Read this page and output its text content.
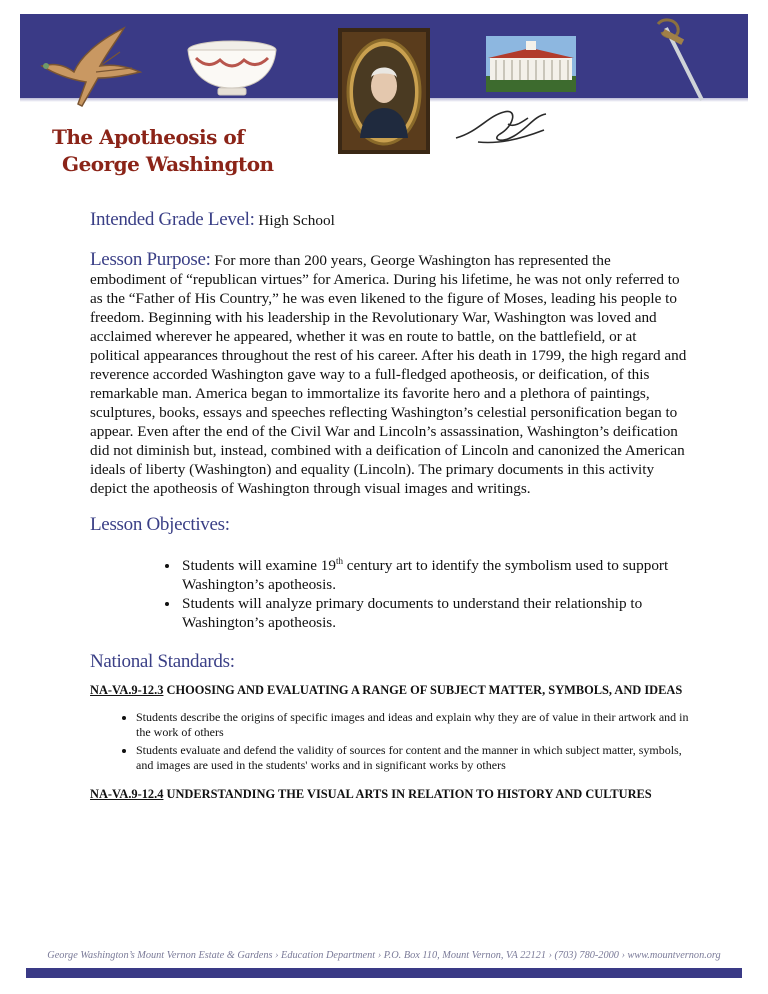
The Apotheosis of
George Washington
Intended Grade Level: High School
Lesson Purpose: For more than 200 years, George Washington has represented the embodiment of “republican virtues” for America. During his lifetime, he was not only referred to as the “Father of His Country,” he was even likened to the figure of Moses, leading his people to freedom. Beginning with his leadership in the Revolutionary War, Washington was loved and acclaimed wherever he appeared, whether it was en route to battle, on the battlefield, or at political appearances throughout the rest of his career. After his death in 1799, the high regard and reverence accorded Washington gave way to a full-fledged apotheosis, or deification, of this remarkable man. America began to immortalize its favorite hero and a plethora of paintings, sculptures, books, essays and speeches reflecting Washington’s celestial personification began to appear. Even after the end of the Civil War and Lincoln’s assassination, Washington’s deification did not diminish but, instead, combined with a deification of Lincoln and canonized the American ideals of liberty (Washington) and equality (Lincoln). The primary documents in this activity depict the apotheosis of Washington through visual images and writings.
Lesson Objectives:
• Students will examine 19th century art to identify the symbolism used to support Washington’s apotheosis.
• Students will analyze primary documents to understand their relationship to Washington’s apotheosis.
National Standards:

NA-VA.9-12.3 CHOOSING AND EVALUATING A RANGE OF SUBJECT MATTER, SYMBOLS, AND IDEAS

• Students describe the origins of specific images and ideas and explain why they are of value in their artwork and in the work of others
• Students evaluate and defend the validity of sources for content and the manner in which subject matter, symbols, and images are used in the students' works and in significant works by others

NA-VA.9-12.4 UNDERSTANDING THE VISUAL ARTS IN RELATION TO HISTORY AND CULTURES

George Washington’s Mount Vernon Estate & Gardens › Education Department › P.O. Box 110, Mount Vernon, VA 22121 › (703) 780-2000 › www.mountvernon.org
